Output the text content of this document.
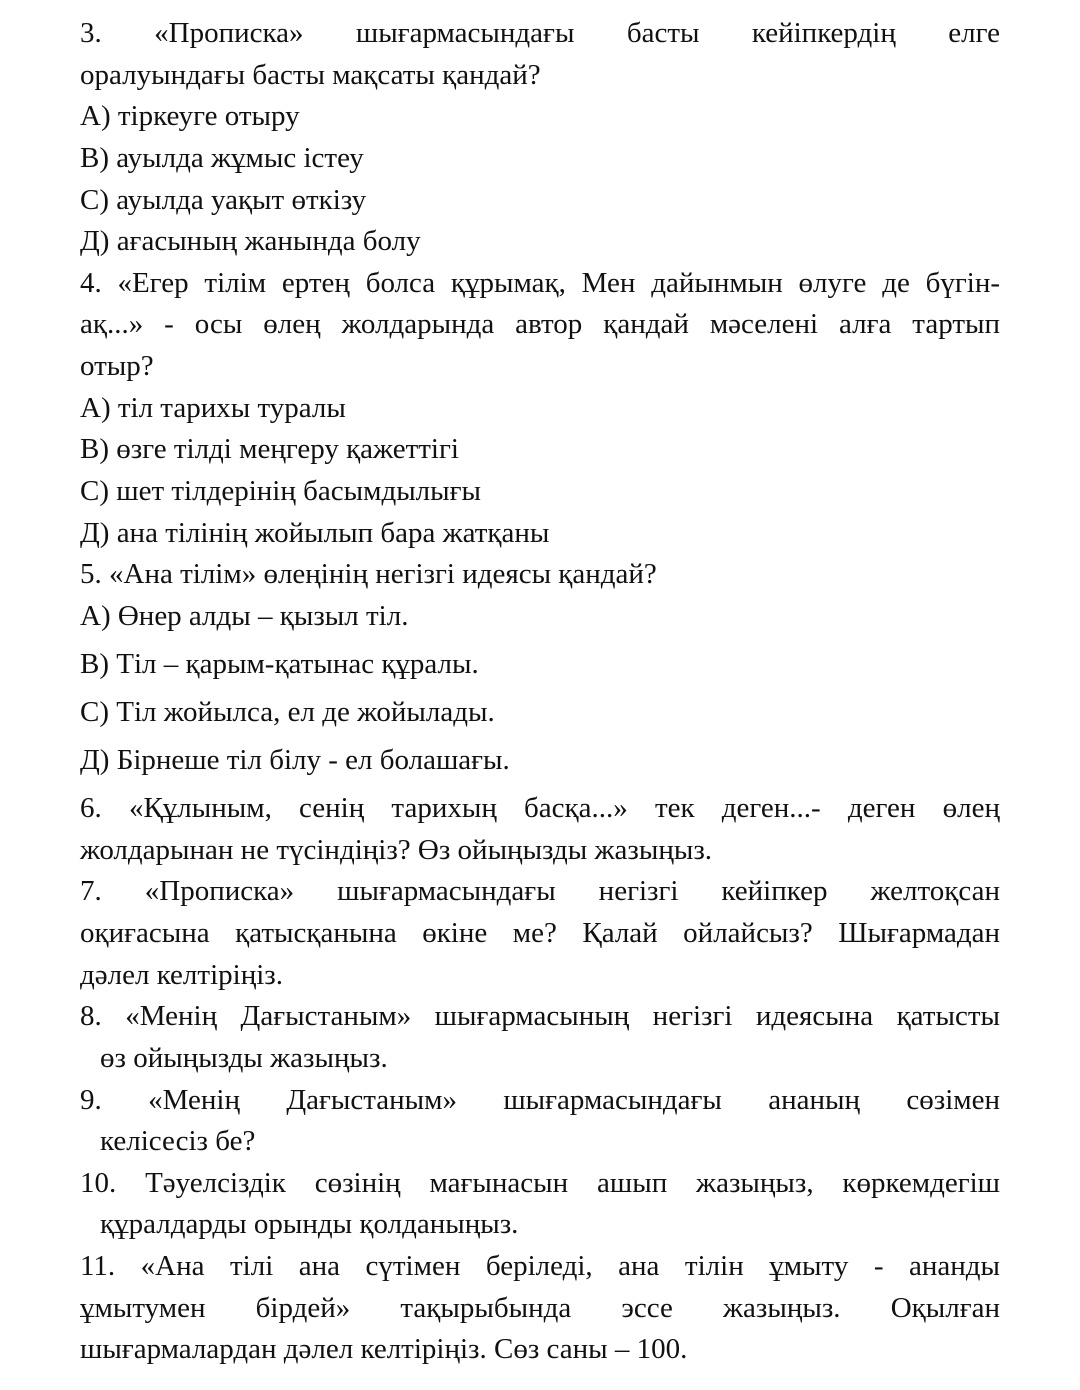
3. «Прописка» шығармасындағы басты кейіпкердің елге
оралуындағы басты мақсаты қандай?
А) тіркеуге отыру
В) ауылда жұмыс істеу
С) ауылда уақыт өткізу
Д) ағасының жанында болу
4. «Егер тілім ертең болса құрымақ, Мен дайынмын өлуге де бүгін-
ақ...» - осы өлең жолдарында автор қандай мәселені алға тартып
отыр?
А) тіл тарихы туралы
В) өзге тілді меңгеру қажеттігі
С) шет тілдерінің басымдылығы
Д) ана тілінің жойылып бара жатқаны
5. «Ана тілім» өлеңінің негізгі идеясы қандай?
А) Өнер алды – қызыл тіл.
В) Тіл – қарым-қатынас құралы.
С) Тіл жойылса, ел де жойылады.
Д) Бірнеше тіл білу - ел болашағы.
6. «Құлыным, сенің тарихың басқа...» тек деген...- деген өлең
жолдарынан не түсіндіңіз? Өз ойыңызды жазыңыз.
7. «Прописка» шығармасындағы негізгі кейіпкер желтоқсан
оқиғасына қатысқанына өкіне ме? Қалай ойлайсыз? Шығармадан
дәлел келтіріңіз.
8. «Менің Дағыстаным» шығармасының негізгі идеясына қатысты
өз ойыңызды жазыңыз.
9. «Менің Дағыстаным» шығармасындағы ананың сөзімен
келісесіз бе?
10. Тәуелсіздік сөзінің мағынасын ашып жазыңыз, көркемдегіш
құралдарды орынды қолданыңыз.
11. «Ана тілі ана сүтімен беріледі, ана тілін ұмыту - ананды
ұмытумен бірдей» тақырыбында эссе жазыңыз. Оқылған
шығармалардан дәлел келтіріңіз. Сөз саны – 100.
